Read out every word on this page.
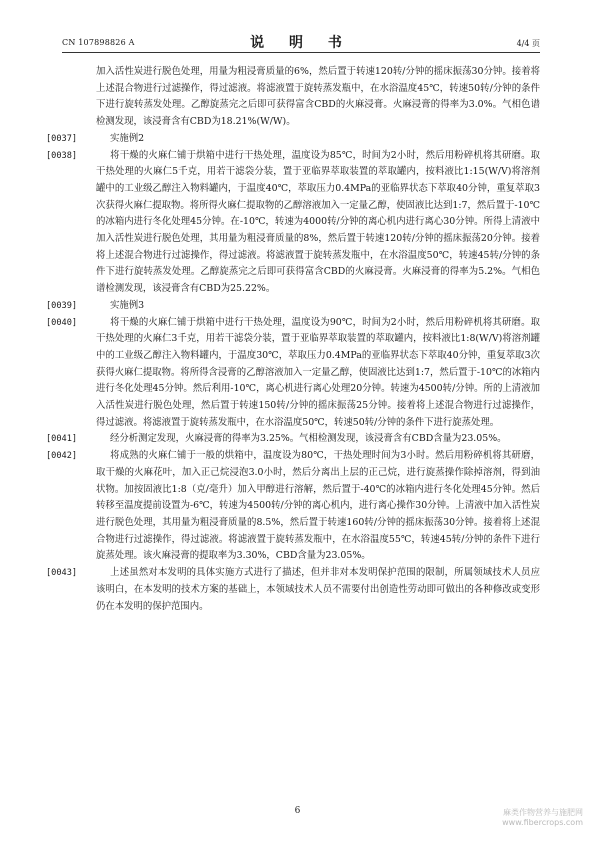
CN 107898826 A	说 明 书	4/4 页

加入活性炭进行脱色处理，用量为粗浸膏质量的6%，然后置于转速120转/分钟的摇床振荡30分钟。接着将上述混合物进行过滤操作，得过滤液。将滤液置于旋转蒸发瓶中，在水浴温度45℃，转速50转/分钟的条件下进行旋转蒸发处理。乙醇旋蒸完之后即可获得富含CBD的火麻浸膏。火麻浸膏的得率为3.0%。气相色谱检测发现，该浸膏含有CBD为18.21%(W/W)。

[0037]	实施例2

[0038]	将干燥的火麻仁铺于烘箱中进行干热处理，温度设为85℃，时间为2小时，然后用粉碎机将其研磨。取干热处理的火麻仁5千克，用若干滤袋分装，置于亚临界萃取装置的萃取罐内，按料液比1:15(W/V)将溶剂罐中的工业级乙醇注入物料罐内，于温度40℃，萃取压力0.4MPa的亚临界状态下萃取40分钟，重复萃取3次获得火麻仁提取物。将所得火麻仁提取物的乙醇溶液加入一定量乙醇，使固液比达到1:7，然后置于-10℃的冰箱内进行冬化处理45分钟。在-10℃，转速为4000转/分钟的离心机内进行离心30分钟。所得上清液中加入活性炭进行脱色处理，其用量为粗浸膏质量的8%，然后置于转速120转/分钟的摇床振荡20分钟。接着将上述混合物进行过滤操作，得过滤液。将滤液置于旋转蒸发瓶中，在水浴温度50℃，转速45转/分钟的条件下进行旋转蒸发处理。乙醇旋蒸完之后即可获得富含CBD的火麻浸膏。火麻浸膏的得率为5.2%。气相色谱检测发现，该浸膏含有CBD为25.22%。

[0039]	实施例3

[0040]	将干燥的火麻仁铺于烘箱中进行干热处理，温度设为90℃，时间为2小时，然后用粉碎机将其研磨。取干热处理的火麻仁3千克，用若干滤袋分装，置于亚临界萃取装置的萃取罐内，按料液比1:8(W/V)将溶剂罐中的工业级乙醇注入物料罐内，于温度30℃，萃取压力0.4MPa的亚临界状态下萃取40分钟，重复萃取3次获得火麻仁提取物。将所得含浸膏的乙醇溶液加入一定量乙醇，使固液比达到1:7，然后置于-10℃的冰箱内进行冬化处理45分钟。然后利用-10℃，离心机进行离心处理20分钟。转速为4500转/分钟。所的上清液加入活性炭进行脱色处理，然后置于转速150转/分钟的摇床振荡25分钟。接着将上述混合物进行过滤操作，得过滤液。将滤液置于旋转蒸发瓶中，在水浴温度50℃，转速50转/分钟的条件下进行旋蒸处理。

[0041]	经分析测定发现，火麻浸膏的得率为3.25%。气相检测发现，该浸膏含有CBD含量为23.05%。

[0042]	将成熟的火麻仁铺于一般的烘箱中，温度设为80℃，干热处理时间为3小时。然后用粉碎机将其研磨，取干燥的火麻花叶，加入正己烷浸泡3.0小时，然后分离出上层的正己烷，进行旋蒸操作除掉溶剂，得到油状物。加按固液比1:8（克/毫升）加入甲醇进行溶解，然后置于-40℃的冰箱内进行冬化处理45分钟。然后转移至温度提前设置为-6℃，转速为4500转/分钟的离心机内，进行离心操作30分钟。上清液中加入活性炭进行脱色处理，其用量为粗浸膏质量的8.5%，然后置于转速160转/分钟的摇床振荡30分钟。接着将上述混合物进行过滤操作，得过滤液。将滤液置于旋转蒸发瓶中，在水浴温度55℃，转速45转/分钟的条件下进行旋蒸处理。该火麻浸膏的提取率为3.30%，CBD含量为23.05%。

[0043]	上述虽然对本发明的具体实施方式进行了描述，但并非对本发明保护范围的限制，所属领域技术人员应该明白，在本发明的技术方案的基础上，本领域技术人员不需要付出创造性劳动即可做出的各种修改或变形仍在本发明的保护范围内。

6	麻类作物营养与施肥网
www.fibercrops.com
